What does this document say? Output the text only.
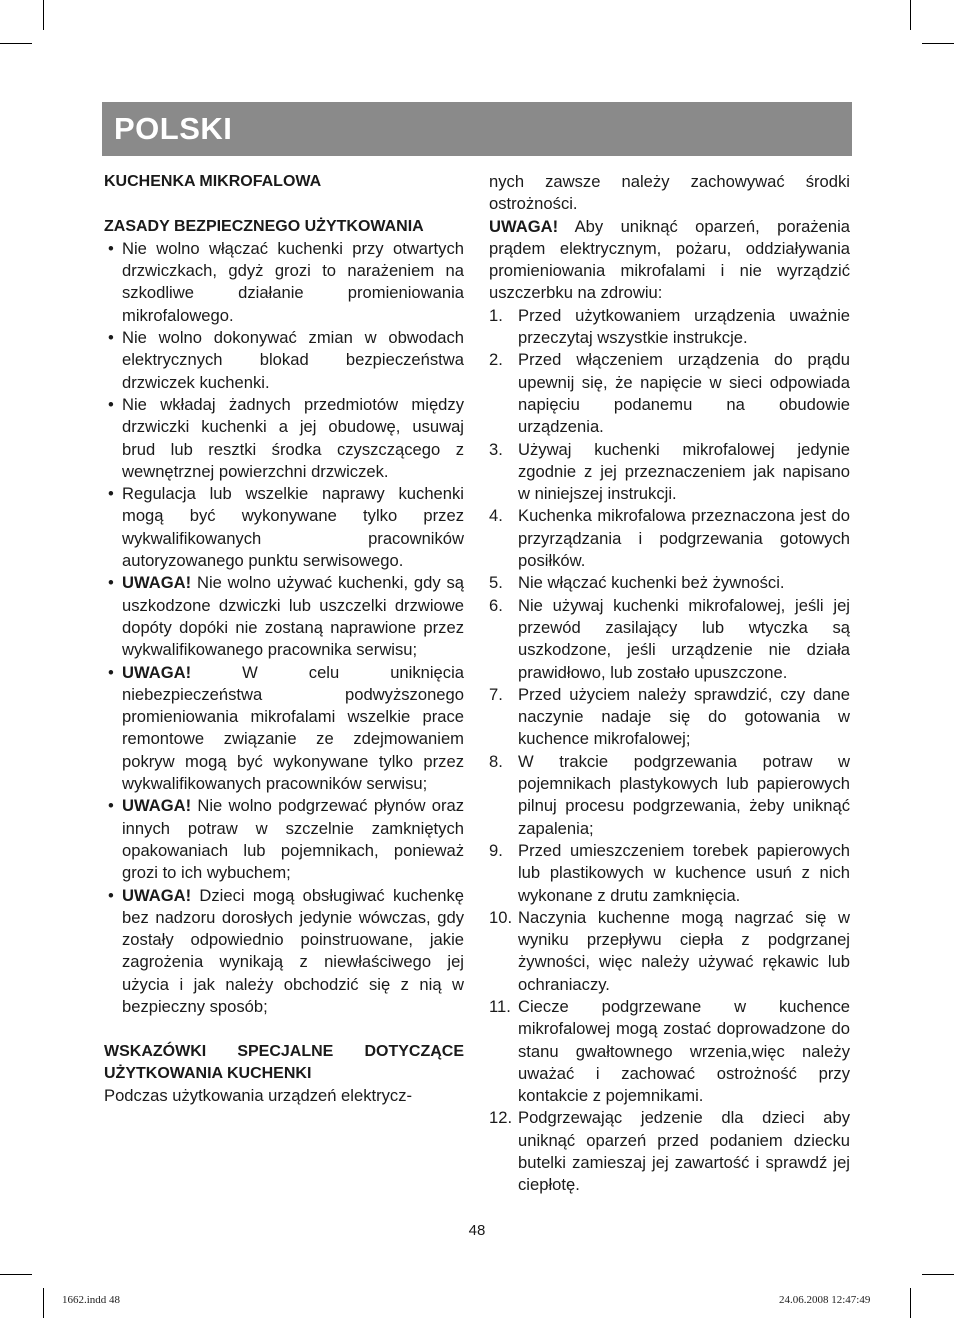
POLSKI

KUCHENKA MIKROFALOWA

ZASADY BEZPIECZNEGO UŻYTKOWANIA

• Nie wolno włączać kuchenki przy otwartych drzwiczkach, gdyż grozi to narażeniem na szkodliwe działanie promieniowania mikrofalowego.
• Nie wolno dokonywać zmian w obwodach elektrycznych blokad bezpieczeństwa drzwiczek kuchenki.
• Nie wkładaj żadnych przedmiotów między drzwiczki kuchenki a jej obudowę, usuwaj brud lub resztki środka czyszczącego z wewnętrznej powierzchni drzwiczek.
• Regulacja lub wszelkie naprawy kuchenki mogą być wykonywane tylko przez wykwalifikowanych pracowników autoryzowanego punktu serwisowego.
• UWAGA! Nie wolno używać kuchenki, gdy są uszkodzone dzwiczki lub uszczelki drzwiowe dopóty dopóki nie zostaną naprawione przez wykwalifikowanego pracownika serwisu;
• UWAGA! W celu uniknięcia niebezpieczeństwa podwyższonego promieniowania mikrofalami wszelkie prace remontowe związanie ze zdejmowaniem pokryw mogą być wykonywane tylko przez wykwalifikowanych pracowników serwisu;
• UWAGA! Nie wolno podgrzewać płynów oraz innych potraw w szczelnie zamkniętych opakowaniach lub pojemnikach, ponieważ grozi to ich wybuchem;
• UWAGA! Dzieci mogą obsługiwać kuchenkę bez nadzoru dorosłych jedynie wówczas, gdy zostały odpowiednio poinstruowane, jakie zagrożenia wynikają z niewłaściwego jej użycia i jak należy obchodzić się z nią w bezpieczny sposób;

WSKAZÓWKI SPECJALNE DOTYCZĄCE UŻYTKOWANIA KUCHENKI

Podczas użytkowania urządzeń elektrycz-

nych zawsze należy zachowywać środki ostrożności.

UWAGA! Aby uniknąć oparzeń, porażenia prądem elektrycznym, pożaru, oddziaływania promieniowania mikrofalami i nie wyrządzić uszczerbku na zdrowiu:

1. Przed użytkowaniem urządzenia uważnie przeczytaj wszystkie instrukcje.
2. Przed włączeniem urządzenia do prądu upewnij się, że napięcie w sieci odpowiada napięciu podanemu na obudowie urządzenia.
3. Używaj kuchenki mikrofalowej jedynie zgodnie z jej przeznaczeniem jak napisano w niniejszej instrukcji.
4. Kuchenka mikrofalowa przeznaczona jest do przyrządzania i podgrzewania gotowych posiłków.
5. Nie włączać kuchenki beż żywności.
6. Nie używaj kuchenki mikrofalowej, jeśli jej przewód zasilający lub wtyczka są uszkodzone, jeśli urządzenie nie działa prawidłowo, lub zostało upuszczone.
7. Przed użyciem należy sprawdzić, czy dane naczynie nadaje się do gotowania w kuchence mikrofalowej;
8. W trakcie podgrzewania potraw w pojemnikach plastykowych lub papierowych pilnuj procesu podgrzewania, żeby uniknąć zapalenia;
9. Przed umieszczeniem torebek papierowych lub plastikowych w kuchence usuń z nich wykonane z drutu zamknięcia.
10. Naczynia kuchenne mogą nagrzać się w wyniku przepływu ciepła z podgrzanej żywności, więc należy używać rękawic lub ochraniaczy.
11. Ciecze podgrzewane w kuchence mikrofalowej mogą zostać doprowadzone do stanu gwałtownego wrzenia,więc należy uważać i zachować ostrożność przy kontakcie z pojemnikami.
12. Podgrzewając jedzenie dla dzieci aby uniknąć oparzeń przed podaniem dziecku butelki zamieszaj jej zawartość i sprawdź jej ciepłotę.
48
1662.indd 48	24.06.2008 12:47:49
